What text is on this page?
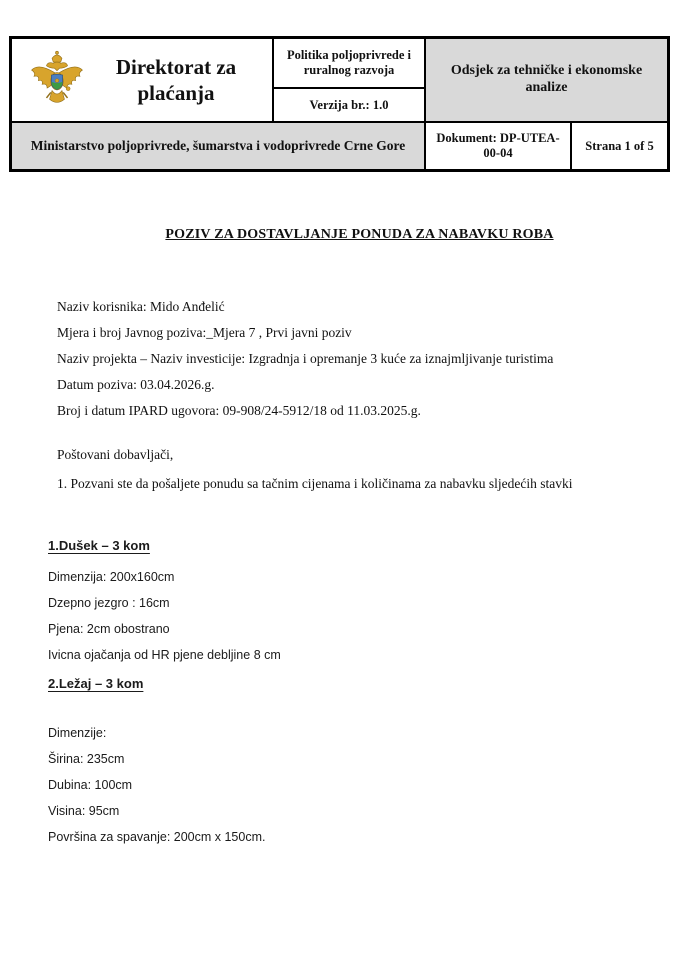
Direktorat za plaćanja
Politika poljoprivrede i ruralnog razvoja
Verzija br.: 1.0
Odsjek za tehničke i ekonomske analize
Ministarstvo poljoprivrede, šumarstva i vodoprivrede Crne Gore	Dokument: DP-UTEA-00-04
Strana 1 of 5
POZIV ZA DOSTAVLJANJE PONUDA ZA NABAVKU ROBA
Naziv korisnika: Mido Anđelić
Mjera i broj Javnog poziva:_Mjera 7 , Prvi javni poziv
Naziv projekta – Naziv investicije: Izgradnja i opremanje 3 kuće za iznajmljivanje turistima
Datum poziva: 03.04.2026.g.
Broj i datum IPARD ugovora: 09-908/24-5912/18 od 11.03.2025.g.
Poštovani dobavljači,
1. Pozvani ste da pošaljete ponudu sa tačnim cijenama i količinama za nabavku sljedećih stavki
1.Dušek – 3 kom
Dimenzija: 200x160cm
Dzepno jezgro : 16cm
Pjena: 2cm obostrano
Ivicna ojačanja od HR pjene debljine 8 cm
2.Ležaj – 3 kom
Dimenzije:
Širina: 235cm
Dubina: 100cm
Visina: 95cm
Površina za spavanje: 200cm x 150cm.
